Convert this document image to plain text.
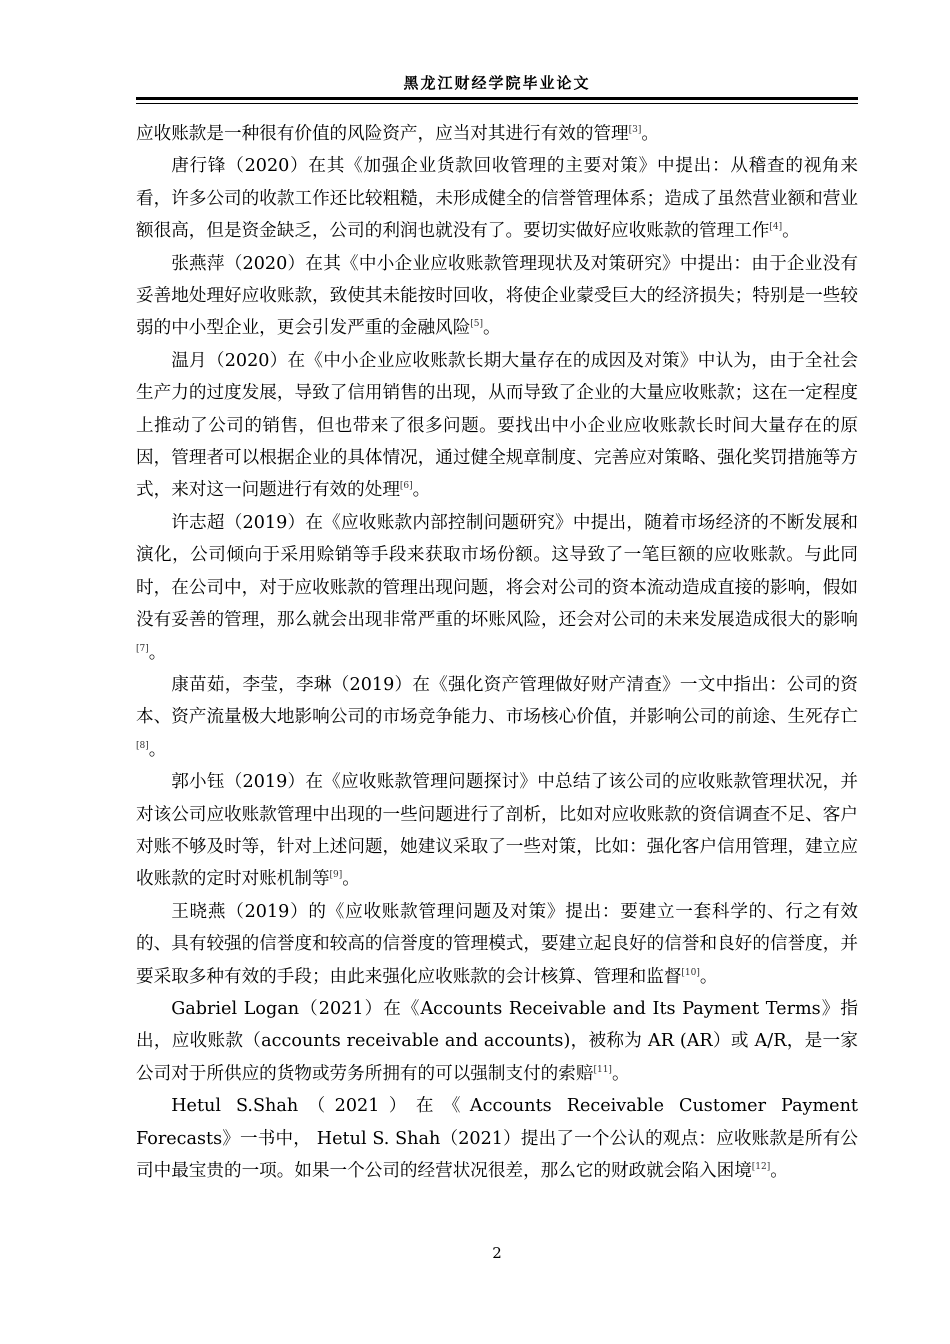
黑龙江财经学院毕业论文

应收账款是一种很有价值的风险资产，应当对其进行有效的管理[3]。

唐行锋（2020）在其《加强企业货款回收管理的主要对策》中提出：从稽查的视角来看，许多公司的收款工作还比较粗糙，未形成健全的信誉管理体系；造成了虽然营业额和营业额很高，但是资金缺乏，公司的利润也就没有了。要切实做好应收账款的管理工作[4]。

张燕萍（2020）在其《中小企业应收账款管理现状及对策研究》中提出：由于企业没有妥善地处理好应收账款，致使其未能按时回收，将使企业蒙受巨大的经济损失；特别是一些较弱的中小型企业，更会引发严重的金融风险[5]。

温月（2020）在《中小企业应收账款长期大量存在的成因及对策》中认为，由于全社会生产力的过度发展，导致了信用销售的出现，从而导致了企业的大量应收账款；这在一定程度上推动了公司的销售，但也带来了很多问题。要找出中小企业应收账款长时间大量存在的原因，管理者可以根据企业的具体情况，通过健全规章制度、完善应对策略、强化奖罚措施等方式，来对这一问题进行有效的处理[6]。

许志超（2019）在《应收账款内部控制问题研究》中提出，随着市场经济的不断发展和演化，公司倾向于采用赊销等手段来获取市场份额。这导致了一笔巨额的应收账款。与此同时，在公司中，对于应收账款的管理出现问题，将会对公司的资本流动造成直接的影响，假如没有妥善的管理，那么就会出现非常严重的坏账风险，还会对公司的未来发展造成很大的影响[7]。

康苗茹，李莹，李琳（2019）在《强化资产管理做好财产清查》一文中指出：公司的资本、资产流量极大地影响公司的市场竞争能力、市场核心价值，并影响公司的前途、生死存亡[8]。

郭小钰（2019）在《应收账款管理问题探讨》中总结了该公司的应收账款管理状况，并对该公司应收账款管理中出现的一些问题进行了剖析，比如对应收账款的资信调查不足、客户对账不够及时等，针对上述问题，她建议采取了一些对策，比如：强化客户信用管理，建立应收账款的定时对账机制等[9]。

王晓燕（2019）的《应收账款管理问题及对策》提出：要建立一套科学的、行之有效的、具有较强的信誉度和较高的信誉度的管理模式，要建立起良好的信誉和良好的信誉度，并要采取多种有效的手段；由此来强化应收账款的会计核算、管理和监督[10]。

Gabriel Logan（2021）在《Accounts Receivable and Its Payment Terms》指出，应收账款（accounts receivable and accounts)，被称为 AR (AR）或 A/R，是一家公司对于所供应的货物或劳务所拥有的可以强制支付的索赔[11]。

Hetul S.Shah（2021）在《Accounts Receivable Customer Payment Forecasts》一书中， Hetul S. Shah（2021）提出了一个公认的观点：应收账款是所有公司中最宝贵的一项。如果一个公司的经营状况很差，那么它的财政就会陷入困境[12]。

2
